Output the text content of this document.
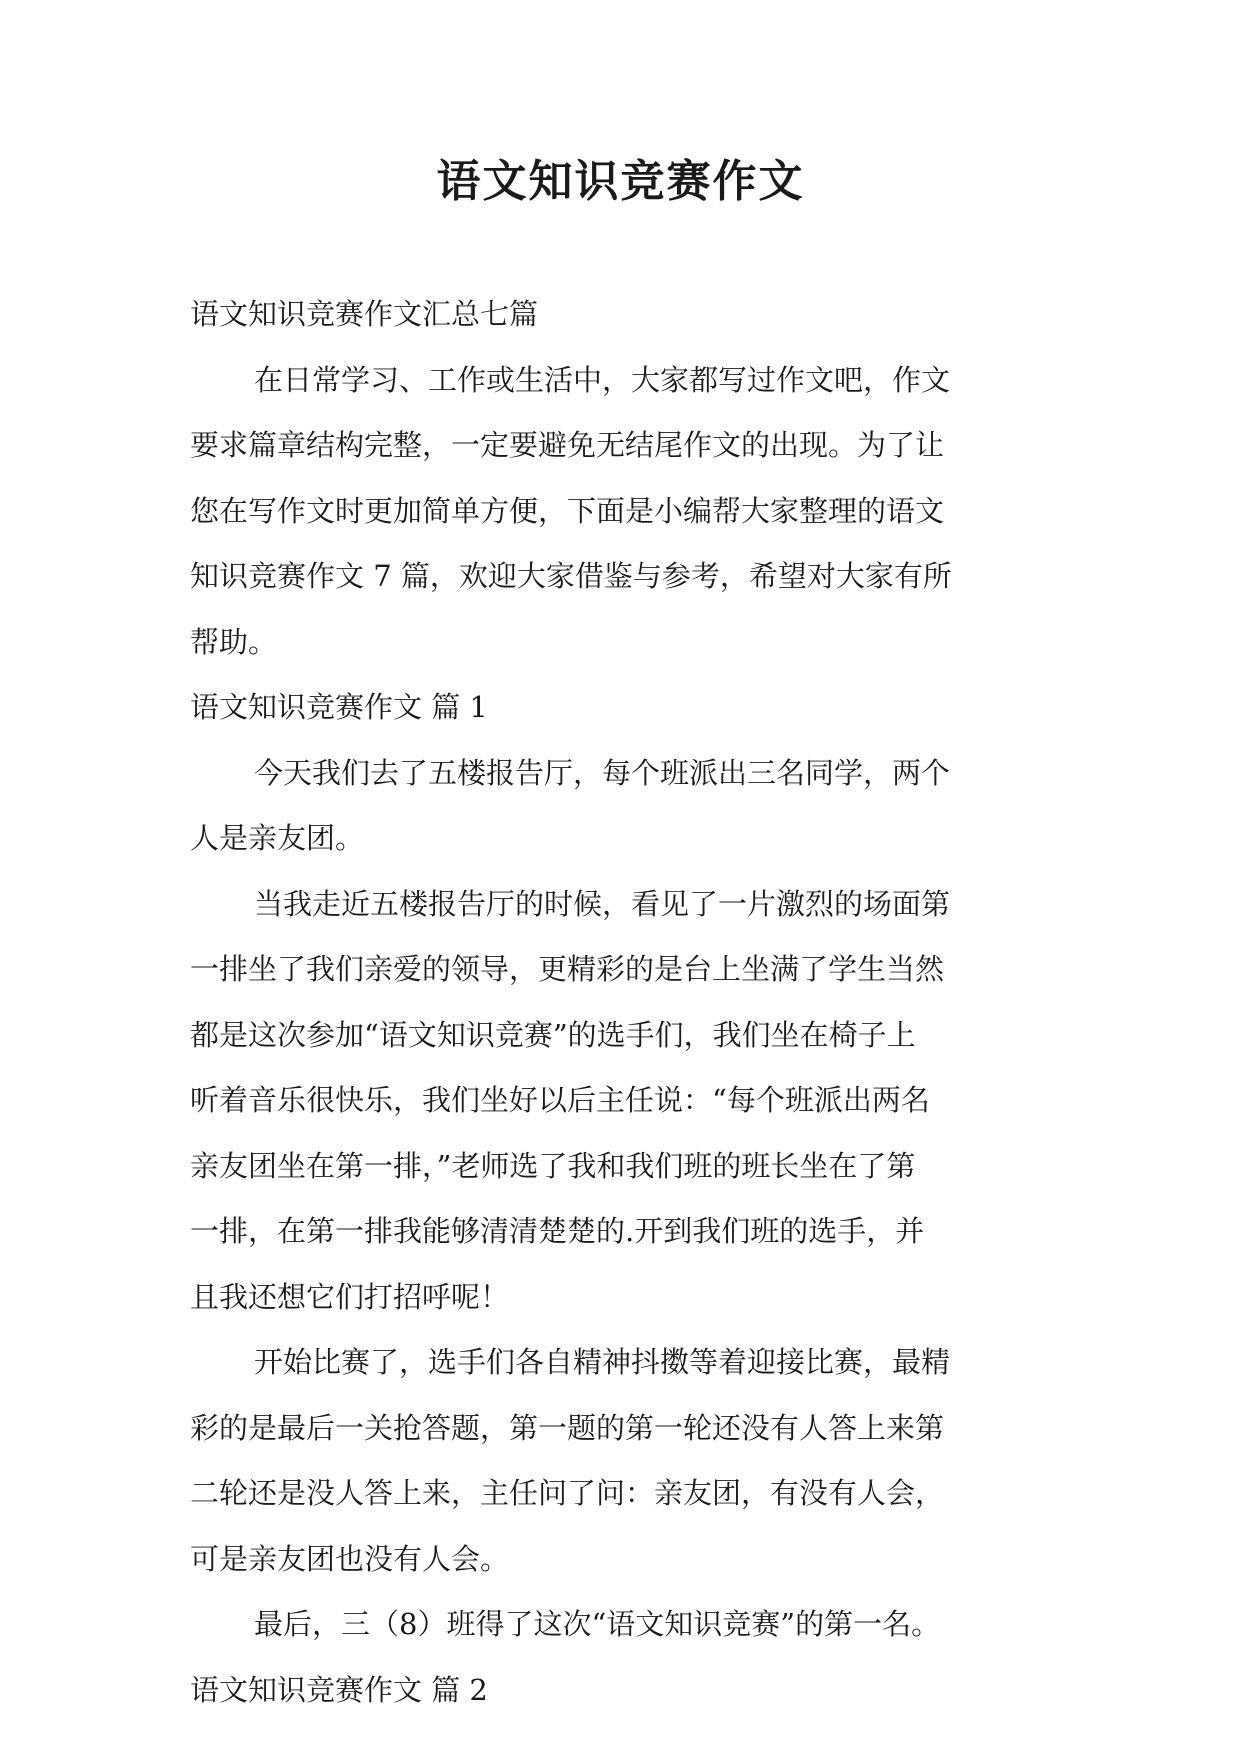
语文知识竞赛作文
语文知识竞赛作文汇总七篇
在日常学习、工作或生活中，大家都写过作文吧，作文
要求篇章结构完整，一定要避免无结尾作文的出现。为了让
您在写作文时更加简单方便，下面是小编帮大家整理的语文
知识竞赛作文 7 篇，欢迎大家借鉴与参考，希望对大家有所
帮助。
语文知识竞赛作文 篇 1
今天我们去了五楼报告厅，每个班派出三名同学，两个
人是亲友团。
当我走近五楼报告厅的时候，看见了一片激烈的场面第
一排坐了我们亲爱的领导，更精彩的是台上坐满了学生当然
都是这次参加“语文知识竞赛”的选手们，我们坐在椅子上
听着音乐很快乐，我们坐好以后主任说：“每个班派出两名
亲友团坐在第一排，”老师选了我和我们班的班长坐在了第
一排，在第一排我能够清清楚楚的.开到我们班的选手，并
且我还想它们打招呼呢！
开始比赛了，选手们各自精神抖擞等着迎接比赛，最精
彩的是最后一关抢答题，第一题的第一轮还没有人答上来第
二轮还是没人答上来，主任问了问：亲友团，有没有人会，
可是亲友团也没有人会。
最后，三（8）班得了这次“语文知识竞赛”的第一名。
语文知识竞赛作文 篇 2
